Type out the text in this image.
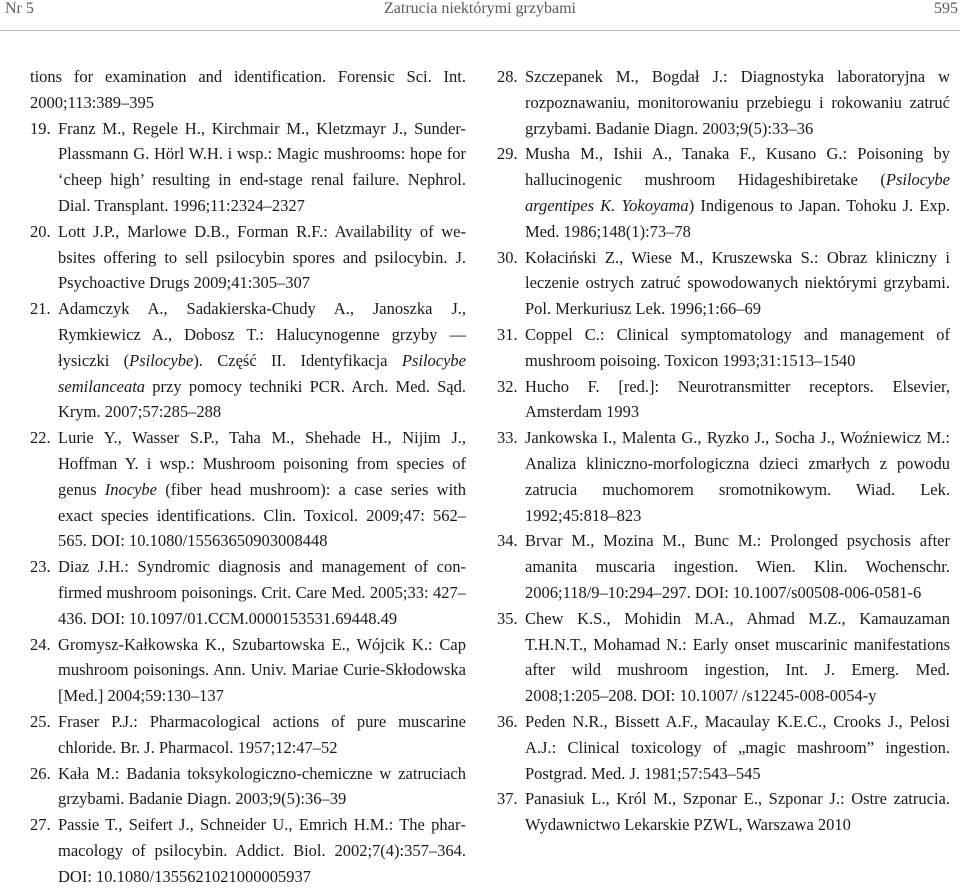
Nr 5	Zatrucia niektórymi grzybami	595

tions for examination and identification. Forensic Sci. Int. 2000;113:389–395

19. Franz M., Regele H., Kirchmair M., Kletzmayr J., Sunder-Plassmann G. Hörl W.H. i wsp.: Magic mushrooms: hope for ‘cheep high’ resulting in end-stage renal failure. Nephrol. Dial. Transplant. 1996;11:2324–2327

20. Lott J.P., Marlowe D.B., Forman R.F.: Availability of websites offering to sell psilocybin spores and psilocybin. J. Psychoactive Drugs 2009;41:305–307

21. Adamczyk A., Sadakierska-Chudy A., Janoszka J., Rymkiewicz A., Dobosz T.: Halucynogenne grzyby — łysiczki (Psilocybe). Część II. Identyfikacja Psilocybe semilanceata przy pomocy techniki PCR. Arch. Med. Sąd. Krym. 2007;57:285–288

22. Lurie Y., Wasser S.P., Taha M., Shehade H., Nijim J., Hoffman Y. i wsp.: Mushroom poisoning from species of genus Inocybe (fiber head mushroom): a case series with exact species identifications. Clin. Toxicol. 2009;47: 562–565. DOI: 10.1080/15563650903008448

23. Diaz J.H.: Syndromic diagnosis and management of confirmed mushroom poisonings. Crit. Care Med. 2005;33: 427–436. DOI: 10.1097/01.CCM.0000153531.69448.49

24. Gromysz-Kałkowska K., Szubartowska E., Wójcik K.: Cap mushroom poisonings. Ann. Univ. Mariae Curie-Skłodowska [Med.] 2004;59:130–137

25. Fraser P.J.: Pharmacological actions of pure muscarine chloride. Br. J. Pharmacol. 1957;12:47–52

26. Kała M.: Badania toksykologiczno-chemiczne w zatruciach grzybami. Badanie Diagn. 2003;9(5):36–39

27. Passie T., Seifert J., Schneider U., Emrich H.M.: The pharmacology of psilocybin. Addict. Biol. 2002;7(4):357–364. DOI: 10.1080/1355621021000005937

28. Szczepanek M., Bogdał J.: Diagnostyka laboratoryjna w rozpoznawaniu, monitorowaniu przebiegu i rokowaniu zatruć grzybami. Badanie Diagn. 2003;9(5):33–36

29. Musha M., Ishii A., Tanaka F., Kusano G.: Poisoning by hallucinogenic mushroom Hidageshibiretake (Psilocybe argentipes K. Yokoyama) Indigenous to Japan. Tohoku J. Exp. Med. 1986;148(1):73–78

30. Kołaciński Z., Wiese M., Kruszewska S.: Obraz kliniczny i leczenie ostrych zatruć spowodowanych niektórymi grzybami. Pol. Merkuriusz Lek. 1996;1:66–69

31. Coppel C.: Clinical symptomatology and management of mushroom poisoing. Toxicon 1993;31:1513–1540

32. Hucho F. [red.]: Neurotransmitter receptors. Elsevier, Amsterdam 1993

33. Jankowska I., Malenta G., Ryzko J., Socha J., Woźniewicz M.: Analiza kliniczno-morfologiczna dzieci zmarłych z powodu zatrucia muchomorem sromotnikowym. Wiad. Lek. 1992;45:818–823

34. Brvar M., Mozina M., Bunc M.: Prolonged psychosis after amanita muscaria ingestion. Wien. Klin. Wochenschr. 2006;118/9–10:294–297. DOI: 10.1007/s00508-006-0581-6

35. Chew K.S., Mohidin M.A., Ahmad M.Z., Kamauzaman T.H.N.T., Mohamad N.: Early onset muscarinic manifestations after wild mushroom ingestion, Int. J. Emerg. Med. 2008;1:205–208. DOI: 10.1007/ /s12245-008-0054-y

36. Peden N.R., Bissett A.F., Macaulay K.E.C., Crooks J., Pelosi A.J.: Clinical toxicology of „magic mashroom” ingestion. Postgrad. Med. J. 1981;57:543–545

37. Panasiuk L., Król M., Szponar E., Szponar J.: Ostre zatrucia. Wydawnictwo Lekarskie PZWL, Warszawa 2010
